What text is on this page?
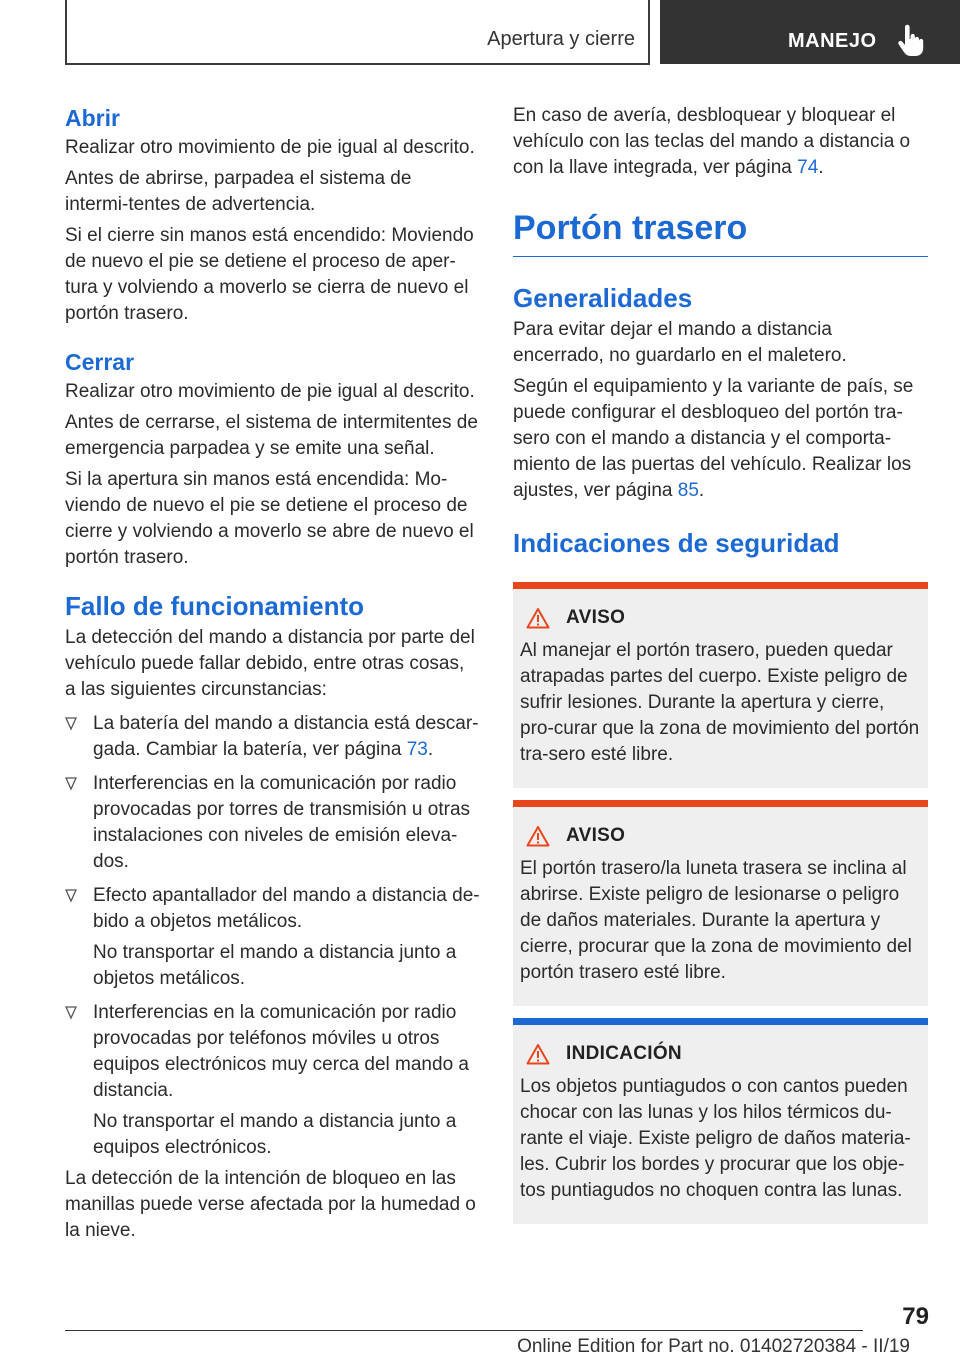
Apertura y cierre	MANEJO
Abrir

Realizar otro movimiento de pie igual al descrito.

Antes de abrirse, parpadea el sistema de intermi‐tentes de advertencia.

Si el cierre sin manos está encendido: Moviendo de nuevo el pie se detiene el proceso de aper‐tura y volviendo a moverlo se cierra de nuevo el portón trasero.

Cerrar

Realizar otro movimiento de pie igual al descrito.

Antes de cerrarse, el sistema de intermitentes de emergencia parpadea y se emite una señal.

Si la apertura sin manos está encendida: Mo‐viendo de nuevo el pie se detiene el proceso de cierre y volviendo a moverlo se abre de nuevo el portón trasero.

Fallo de funcionamiento

La detección del mando a distancia por parte del vehículo puede fallar debido, entre otras cosas, a las siguientes circunstancias:

La batería del mando a distancia está descar‐gada. Cambiar la batería, ver página 73.

Interferencias en la comunicación por radio provocadas por torres de transmisión u otras instalaciones con niveles de emisión eleva‐dos.

Efecto apantallador del mando a distancia de‐bido a objetos metálicos.

No transportar el mando a distancia junto a objetos metálicos.

Interferencias en la comunicación por radio provocadas por teléfonos móviles u otros equipos electrónicos muy cerca del mando a distancia.

No transportar el mando a distancia junto a equipos electrónicos.

La detección de la intención de bloqueo en las manillas puede verse afectada por la humedad o la nieve.

En caso de avería, desbloquear y bloquear el vehículo con las teclas del mando a distancia o con la llave integrada, ver página 74.

Portón trasero
Generalidades

Para evitar dejar el mando a distancia encerrado, no guardarlo en el maletero.

Según el equipamiento y la variante de país, se puede configurar el desbloqueo del portón tra‐sero con el mando a distancia y el comporta‐miento de las puertas del vehículo. Realizar los ajustes, ver página 85.

Indicaciones de seguridad
AVISO

Al manejar el portón trasero, pueden quedar atrapadas partes del cuerpo. Existe peligro de sufrir lesiones. Durante la apertura y cierre, pro‐curar que la zona de movimiento del portón tra‐sero esté libre.

AVISO

El portón trasero/la luneta trasera se inclina al abrirse. Existe peligro de lesionarse o peligro de daños materiales. Durante la apertura y cierre, procurar que la zona de movimiento del portón trasero esté libre.

INDICACIÓN

Los objetos puntiagudos o con cantos pueden chocar con las lunas y los hilos térmicos du‐rante el viaje. Existe peligro de daños materia‐les. Cubrir los bordes y procurar que los obje‐tos puntiagudos no choquen contra las lunas.

79
Online Edition for Part no. 01402720384 - II/19
